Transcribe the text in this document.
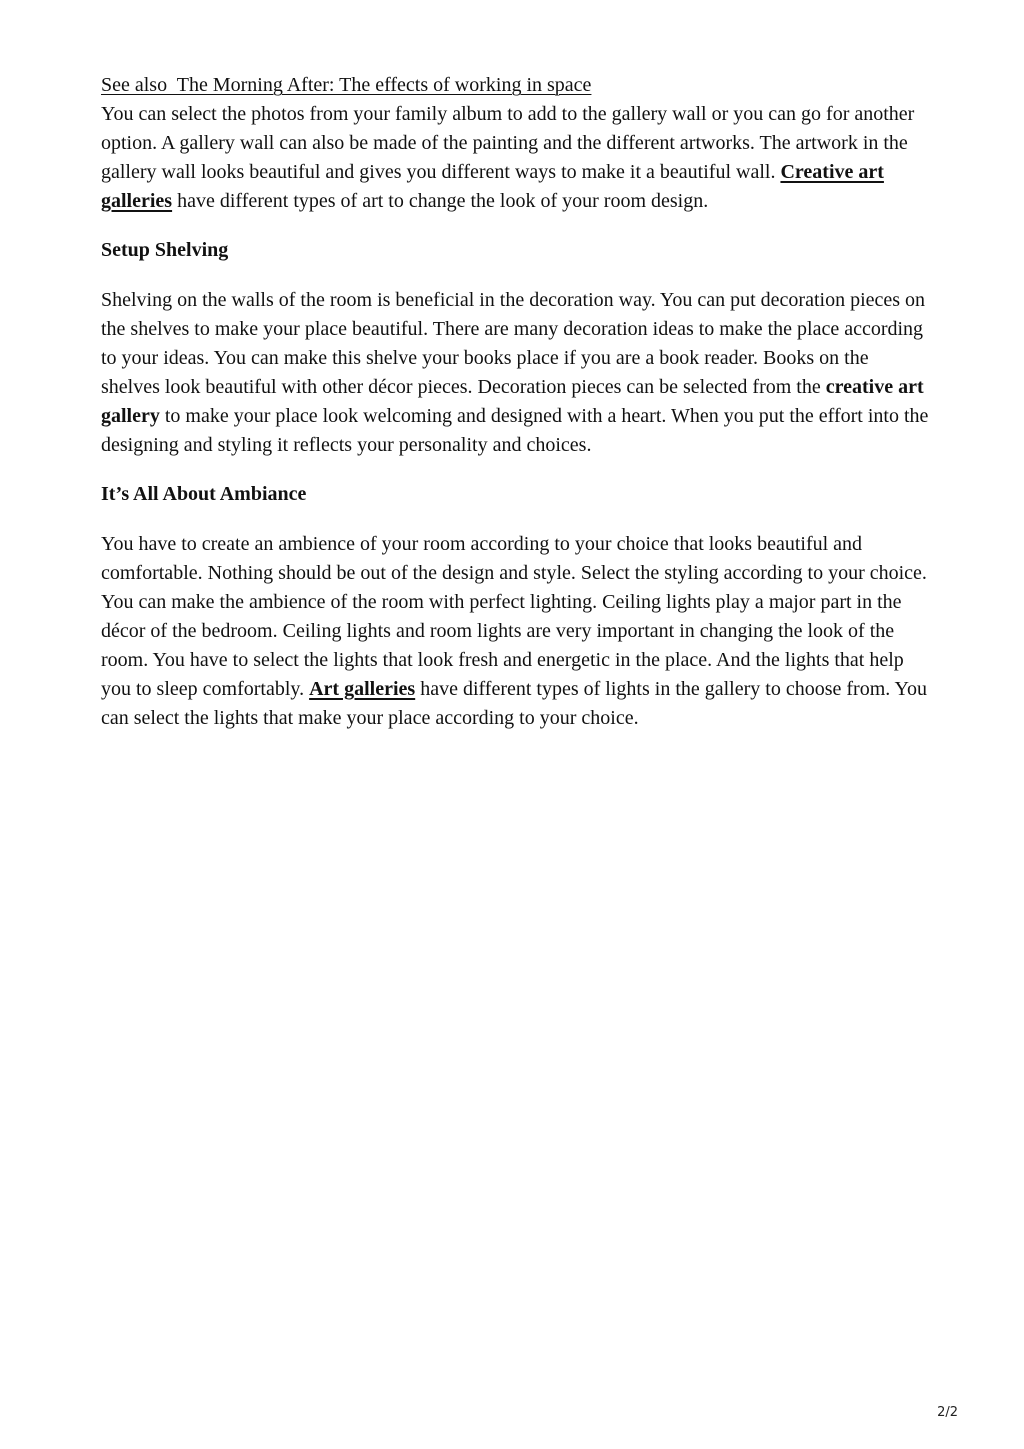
See also  The Morning After: The effects of working in space

You can select the photos from your family album to add to the gallery wall or you can go for another option. A gallery wall can also be made of the painting and the different artworks. The artwork in the gallery wall looks beautiful and gives you different ways to make it a beautiful wall. Creative art galleries have different types of art to change the look of your room design.

Setup Shelving

Shelving on the walls of the room is beneficial in the decoration way. You can put decoration pieces on the shelves to make your place beautiful. There are many decoration ideas to make the place according to your ideas. You can make this shelve your books place if you are a book reader. Books on the shelves look beautiful with other décor pieces. Decoration pieces can be selected from the creative art gallery to make your place look welcoming and designed with a heart. When you put the effort into the designing and styling it reflects your personality and choices.

It’s All About Ambiance

You have to create an ambience of your room according to your choice that looks beautiful and comfortable. Nothing should be out of the design and style. Select the styling according to your choice. You can make the ambience of the room with perfect lighting. Ceiling lights play a major part in the décor of the bedroom. Ceiling lights and room lights are very important in changing the look of the room. You have to select the lights that look fresh and energetic in the place. And the lights that help you to sleep comfortably. Art galleries have different types of lights in the gallery to choose from. You can select the lights that make your place according to your choice.

2/2
